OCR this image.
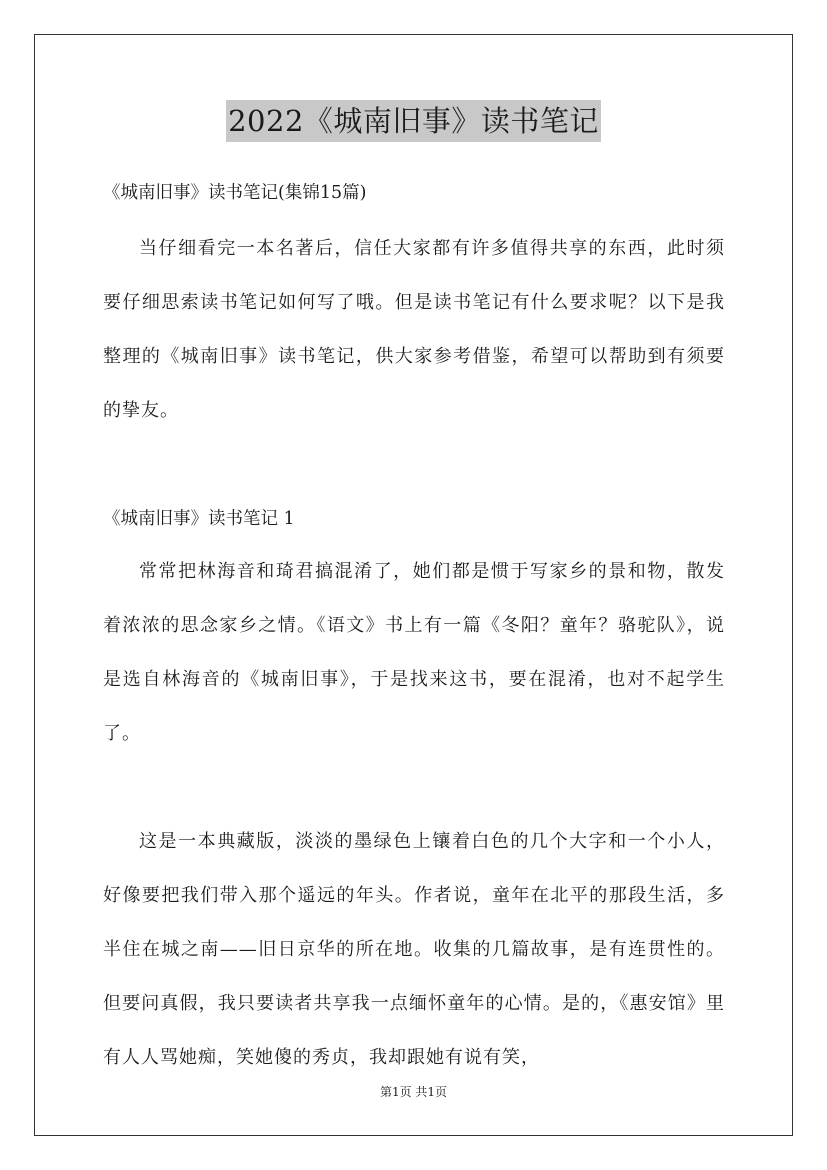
2022《城南旧事》读书笔记
《城南旧事》读书笔记(集锦15篇)

当仔细看完一本名著后，信任大家都有许多值得共享的东西，此时须要仔细思索读书笔记如何写了哦。但是读书笔记有什么要求呢？以下是我整理的《城南旧事》读书笔记，供大家参考借鉴，希望可以帮助到有须要的挚友。

《城南旧事》读书笔记 1

常常把林海音和琦君搞混淆了，她们都是惯于写家乡的景和物，散发着浓浓的思念家乡之情。《语文》书上有一篇《冬阳？童年？骆驼队》，说是选自林海音的《城南旧事》，于是找来这书，要在混淆，也对不起学生了。

这是一本典藏版，淡淡的墨绿色上镶着白色的几个大字和一个小人，好像要把我们带入那个遥远的年头。作者说，童年在北平的那段生活，多半住在城之南——旧日京华的所在地。收集的几篇故事，是有连贯性的。但要问真假，我只要读者共享我一点缅怀童年的心情。是的，《惠安馆》里有人人骂她痴，笑她傻的秀贞，我却跟她有说有笑，

第1页 共1页
